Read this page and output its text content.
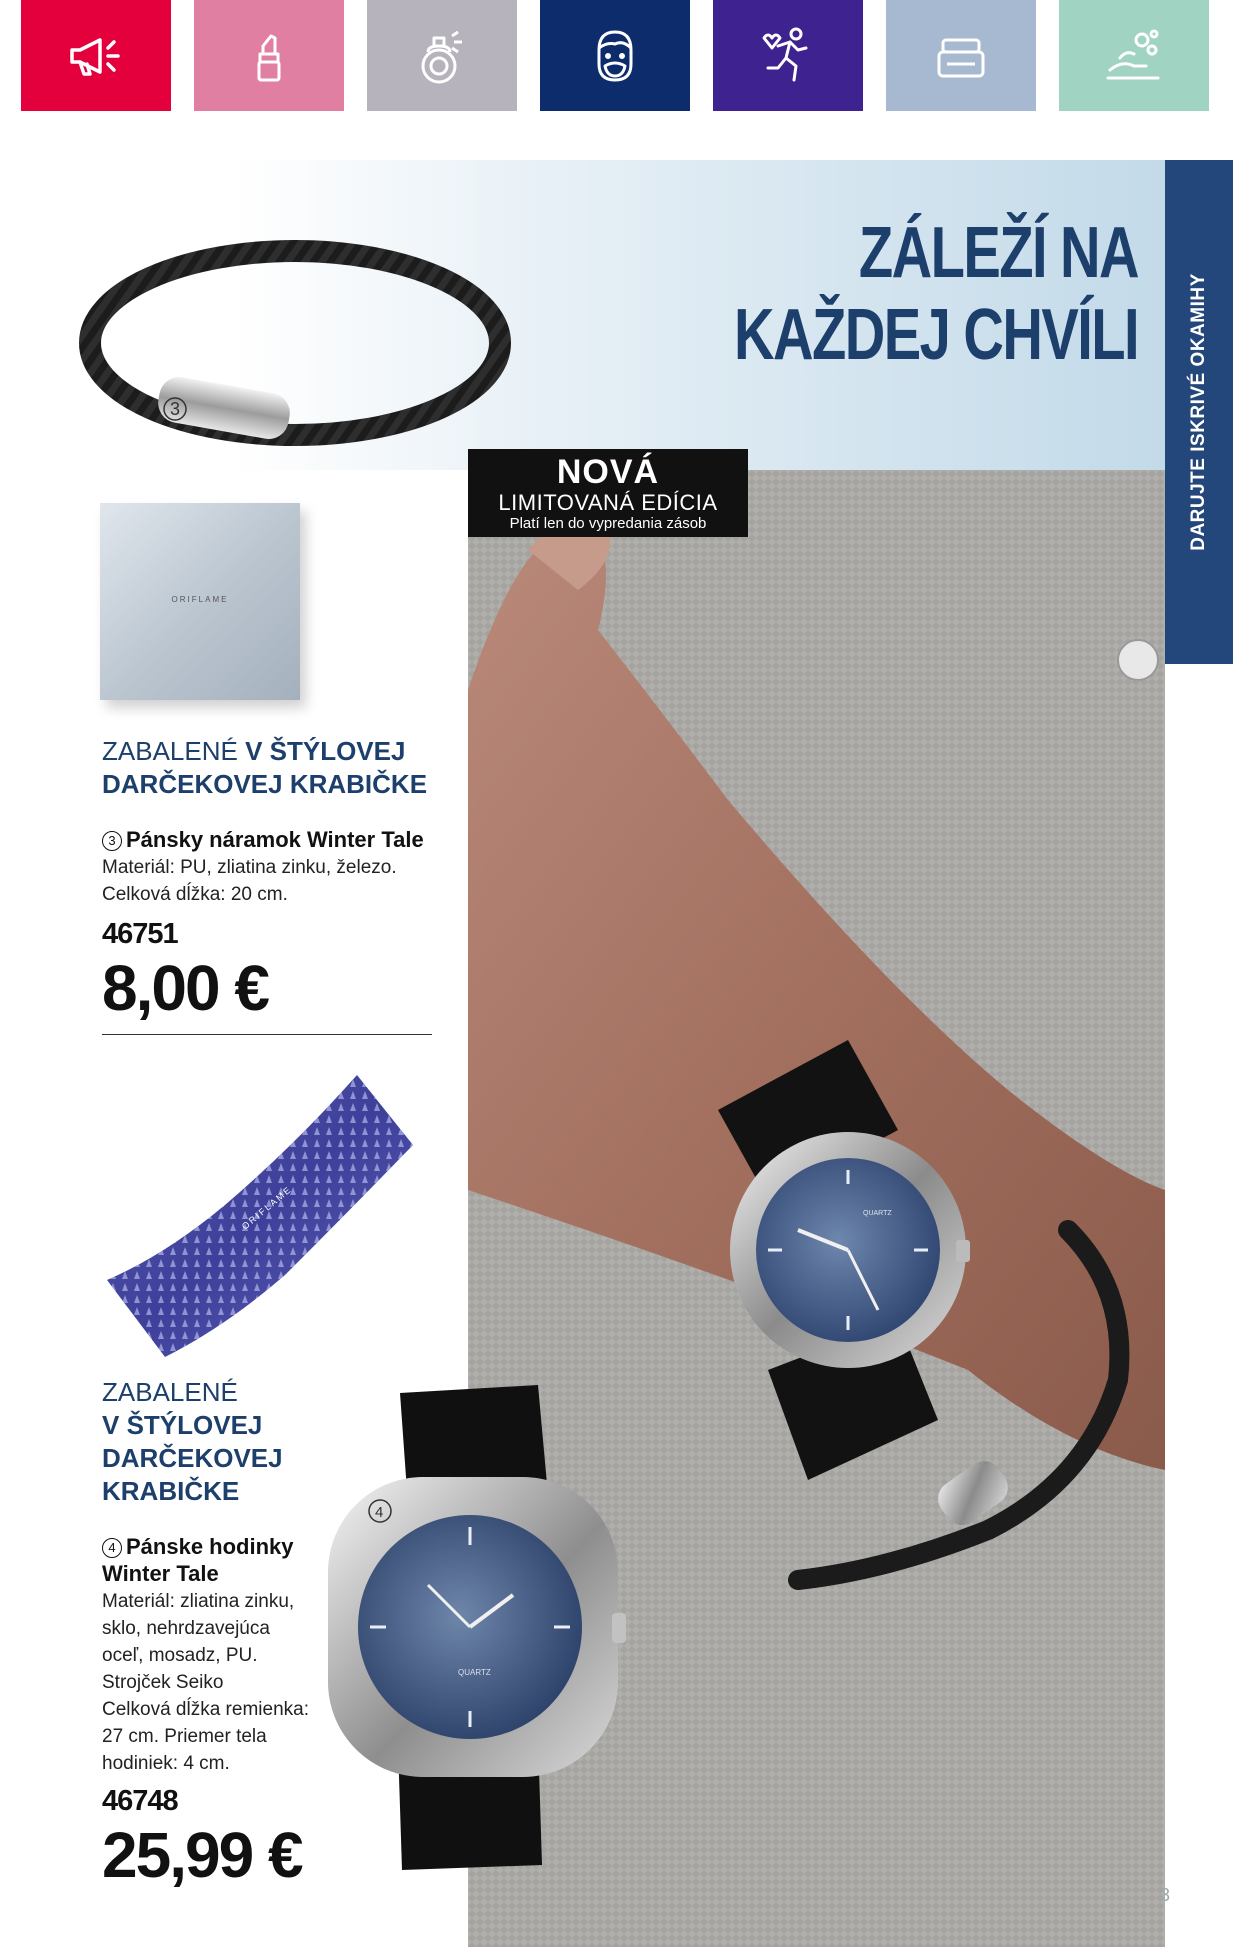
ZÁLEŽÍ NA
KAŽDEJ CHVÍLI	DARUJTE ISKRIVÉ OKAMIHY
3
ORIFLAME
ZABALENÉ V ŠTÝLOVEJ
DARČEKOVEJ KRABIČKE
3 Pánsky náramok Winter Tale
Materiál: PU, zliatina zinku, železo.
Celková dĺžka: 20 cm.
46751
8,00 €
ORIFLAME
ZABALENÉ
V ŠTÝLOVEJ
DARČEKOVEJ
KRABIČKE
4 Pánske hodinky
Winter Tale
Materiál: zliatina zinku,
sklo, nehrdzavejúca
oceľ, mosadz, PU.
Strojček Seiko
Celková dĺžka remienka:
27 cm. Priemer tela
hodiniek: 4 cm.
46748
25,99 €
QUARTZ
NOVÁ
LIMITOVANÁ EDÍCIA
Platí len do vypredania zásob
QUARTZ
4
3
